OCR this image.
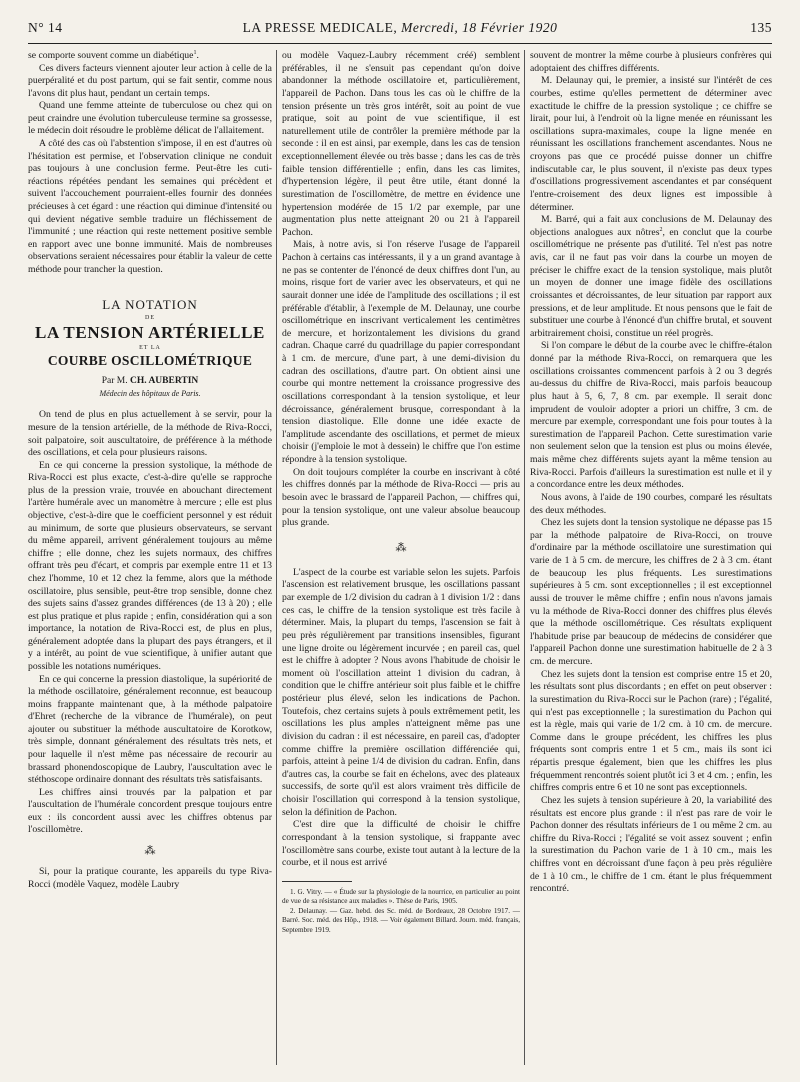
N° 14	LA PRESSE MEDICALE, Mercredi, 18 Février 1920	135

se comporte souvent comme un diabétique$^1$.

Ces divers facteurs viennent ajouter leur action à celle de la puerpéralité et du post partum, qui se fait sentir, comme nous l'avons dit plus haut, pendant un certain temps.

Quand une femme atteinte de tuberculose ou chez qui on peut craindre une évolution tuberculeuse termine sa grossesse, le médecin doit résoudre le problème délicat de l'allaitement.

A côté des cas où l'abstention s'impose, il en est d'autres où l'hésitation est permise, et l'observation clinique ne conduit pas toujours à une conclusion ferme. Peut-être les cuti-réactions répétées pendant les semaines qui précèdent et suivent l'accouchement pourraient-elles fournir des données précieuses à cet égard : une réaction qui diminue d'intensité ou qui devient négative semble traduire un fléchissement de l'immunité ; une réaction qui reste nettement positive semble en rapport avec une bonne immunité. Mais de nombreuses observations seraient nécessaires pour établir la valeur de cette méthode pour trancher la question.

LA NOTATION
DE
LA TENSION ARTÉRIELLE
ET LA
COURBE OSCILLOMÉTRIQUE
Par M. CH. AUBERTIN
Médecin des hôpitaux de Paris.

On tend de plus en plus actuellement à se servir, pour la mesure de la tension artérielle, de la méthode de Riva-Rocci, soit palpatoire, soit auscultatoire, de préférence à la méthode des oscillations, et cela pour plusieurs raisons.

En ce qui concerne la pression systolique, la méthode de Riva-Rocci est plus exacte, c'est-à-dire qu'elle se rapproche plus de la pression vraie, trouvée en abouchant directement l'artère humérale avec un manomètre à mercure ; elle est plus objective, c'est-à-dire que le coefficient personnel y est réduit au minimum, de sorte que plusieurs observateurs, se servant du même appareil, arrivent généralement toujours au même chiffre ; elle donne, chez les sujets normaux, des chiffres offrant très peu d'écart, et compris par exemple entre 11 et 13 chez l'homme, 10 et 12 chez la femme, alors que la méthode oscillatoire, plus sensible, peut-être trop sensible, donne chez des sujets sains d'assez grandes différences (de 13 à 20) ; elle est plus pratique et plus rapide ; enfin, considération qui a son importance, la notation de Riva-Rocci est, de plus en plus, généralement adoptée dans la plupart des pays étrangers, et il y a intérêt, au point de vue scientifique, à unifier autant que possible les notations numériques.

En ce qui concerne la pression diastolique, la supériorité de la méthode oscillatoire, généralement reconnue, est beaucoup moins frappante maintenant que, à la méthode palpatoire d'Ehret (recherche de la vibrance de l'humérale), on peut ajouter ou substituer la méthode auscultatoire de Korotkow, très simple, donnant généralement des résultats très nets, et pour laquelle il n'est même pas nécessaire de recourir au brassard phonendoscopique de Laubry, l'auscultation avec le stéthoscope ordinaire donnant des résultats très satisfaisants.

Les chiffres ainsi trouvés par la palpation et par l'auscultation de l'humérale concordent presque toujours entre eux : ils concordent aussi avec les chiffres obtenus par l'oscillomètre.

⁂

Si, pour la pratique courante, les appareils du type Riva-Rocci (modèle Vaquez, modèle Laubry

ou modèle Vaquez-Laubry récemment créé) semblent préférables, il ne s'ensuit pas cependant qu'on doive abandonner la méthode oscillatoire et, particulièrement, l'appareil de Pachon. Dans tous les cas où le chiffre de la tension présente un très gros intérêt, soit au point de vue pratique, soit au point de vue scientifique, il est naturellement utile de contrôler la première méthode par la seconde : il en est ainsi, par exemple, dans les cas de tension exceptionnellement élevée ou très basse ; dans les cas de très faible tension différentielle ; enfin, dans les cas limites, d'hypertension légère, il peut être utile, étant donné la surestimation de l'oscillomètre, de mettre en évidence une hypertension modérée de 15 1/2 par exemple, par une augmentation plus nette atteignant 20 ou 21 à l'appareil Pachon.

Mais, à notre avis, si l'on réserve l'usage de l'appareil Pachon à certains cas intéressants, il y a un grand avantage à ne pas se contenter de l'énoncé de deux chiffres dont l'un, au moins, risque fort de varier avec les observateurs, et qui ne saurait donner une idée de l'amplitude des oscillations ; il est préférable d'établir, à l'exemple de M. Delaunay, une courbe oscillométrique en inscrivant verticalement les centimètres de mercure, et horizontalement les divisions du grand cadran. Chaque carré du quadrillage du papier correspondant à 1 cm. de mercure, d'une part, à une demi-division du cadran des oscillations, d'autre part. On obtient ainsi une courbe qui montre nettement la croissance progressive des oscillations correspondant à la tension systolique, et leur décroissance, généralement brusque, correspondant à la tension diastolique. Elle donne une idée exacte de l'amplitude ascendante des oscillations, et permet de mieux choisir (j'emploie le mot à dessein) le chiffre que l'on estime répondre à la tension systolique.

On doit toujours compléter la courbe en inscrivant à côté les chiffres donnés par la méthode de Riva-Rocci — pris au besoin avec le brassard de l'appareil Pachon, — chiffres qui, pour la tension systolique, ont une valeur absolue beaucoup plus grande.

⁂

L'aspect de la courbe est variable selon les sujets. Parfois l'ascension est relativement brusque, les oscillations passant par exemple de 1/2 division du cadran à 1 division 1/2 : dans ces cas, le chiffre de la tension systolique est très facile à déterminer. Mais, la plupart du temps, l'ascension se fait à peu près régulièrement par transitions insensibles, figurant une ligne droite ou légèrement incurvée ; en pareil cas, quel est le chiffre à adopter ? Nous avons l'habitude de choisir le moment où l'oscillation atteint 1 division du cadran, à condition que le chiffre antérieur soit plus faible et le chiffre postérieur plus élevé, selon les indications de Pachon. Toutefois, chez certains sujets à pouls extrêmement petit, les oscillations les plus amples n'atteignent même pas une division du cadran : il est nécessaire, en pareil cas, d'adopter comme chiffre la première oscillation différenciée qui, parfois, atteint à peine 1/4 de division du cadran. Enfin, dans d'autres cas, la courbe se fait en échelons, avec des plateaux successifs, de sorte qu'il est alors vraiment très difficile de choisir l'oscillation qui correspond à la tension systolique, selon la définition de Pachon.

C'est dire que la difficulté de choisir le chiffre correspondant à la tension systolique, si frappante avec l'oscillomètre sans courbe, existe tout autant à la lecture de la courbe, et il nous est arrivé

1. G. Vitry. — « Étude sur la physiologie de la nourrice, en particulier au point de vue de sa résistance aux maladies ». Thèse de Paris, 1905.

2. Delaunay. — Gaz. hebd. des Sc. méd. de Bordeaux, 28 Octobre 1917. — Barré. Soc. méd. des Hôp., 1918. — Voir également Billard. Journ. méd. français, Septembre 1919.

souvent de montrer la même courbe à plusieurs confrères qui adoptaient des chiffres différents.

M. Delaunay qui, le premier, a insisté sur l'intérêt de ces courbes, estime qu'elles permettent de déterminer avec exactitude le chiffre de la pression systolique ; ce chiffre se lirait, pour lui, à l'endroit où la ligne menée en réunissant les oscillations supra-maximales, coupe la ligne menée en réunissant les oscillations franchement ascendantes. Nous ne croyons pas que ce procédé puisse donner un chiffre indiscutable car, le plus souvent, il n'existe pas deux types d'oscillations progressivement ascendantes et par conséquent l'entre-croisement des deux lignes est impossible à déterminer.

M. Barré, qui a fait aux conclusions de M. Delaunay des objections analogues aux nôtres$^2$, en conclut que la courbe oscillométrique ne présente pas d'utilité. Tel n'est pas notre avis, car il ne faut pas voir dans la courbe un moyen de préciser le chiffre exact de la tension systolique, mais plutôt un moyen de donner une image fidèle des oscillations croissantes et décroissantes, de leur situation par rapport aux pressions, et de leur amplitude. Et nous pensons que le fait de substituer une courbe à l'énoncé d'un chiffre brutal, et souvent arbitrairement choisi, constitue un réel progrès.

Si l'on compare le début de la courbe avec le chiffre-étalon donné par la méthode Riva-Rocci, on remarquera que les oscillations croissantes commencent parfois à 2 ou 3 degrés au-dessus du chiffre de Riva-Rocci, mais parfois beaucoup plus haut à 5, 6, 7, 8 cm. par exemple. Il serait donc imprudent de vouloir adopter a priori un chiffre, 3 cm. de mercure par exemple, correspondant une fois pour toutes à la surestimation de l'appareil Pachon. Cette surestimation varie non seulement selon que la tension est plus ou moins élevée, mais même chez différents sujets ayant la même tension au Riva-Rocci. Parfois d'ailleurs la surestimation est nulle et il y a concordance entre les deux méthodes.

Nous avons, à l'aide de 190 courbes, comparé les résultats des deux méthodes.

Chez les sujets dont la tension systolique ne dépasse pas 15 par la méthode palpatoire de Riva-Rocci, on trouve d'ordinaire par la méthode oscillatoire une surestimation qui varie de 1 à 5 cm. de mercure, les chiffres de 2 à 3 cm. étant de beaucoup les plus fréquents. Les surestimations supérieures à 5 cm. sont exceptionnelles ; il est exceptionnel aussi de trouver le même chiffre ; enfin nous n'avons jamais vu la méthode de Riva-Rocci donner des chiffres plus élevés que la méthode oscillométrique. Ces résultats expliquent l'habitude prise par beaucoup de médecins de considérer que l'appareil Pachon donne une surestimation habituelle de 2 à 3 cm. de mercure.

Chez les sujets dont la tension est comprise entre 15 et 20, les résultats sont plus discordants ; en effet on peut observer : la surestimation du Riva-Rocci sur le Pachon (rare) ; l'égalité, qui n'est pas exceptionnelle ; la surestimation du Pachon qui est la règle, mais qui varie de 1/2 cm. à 10 cm. de mercure. Comme dans le groupe précédent, les chiffres les plus fréquents sont compris entre 1 et 5 cm., mais ils sont ici répartis presque également, bien que les chiffres les plus fréquemment rencontrés soient plutôt ici 3 et 4 cm. ; enfin, les chiffres compris entre 6 et 10 ne sont pas exceptionnels.

Chez les sujets à tension supérieure à 20, la variabilité des résultats est encore plus grande : il n'est pas rare de voir le Pachon donner des résultats inférieurs de 1 ou même 2 cm. au chiffre du Riva-Rocci ; l'égalité se voit assez souvent ; enfin la surestimation du Pachon varie de 1 à 10 cm., mais les chiffres vont en décroissant d'une façon à peu près régulière de 1 à 10 cm., le chiffre de 1 cm. étant le plus fréquemment rencontré.
